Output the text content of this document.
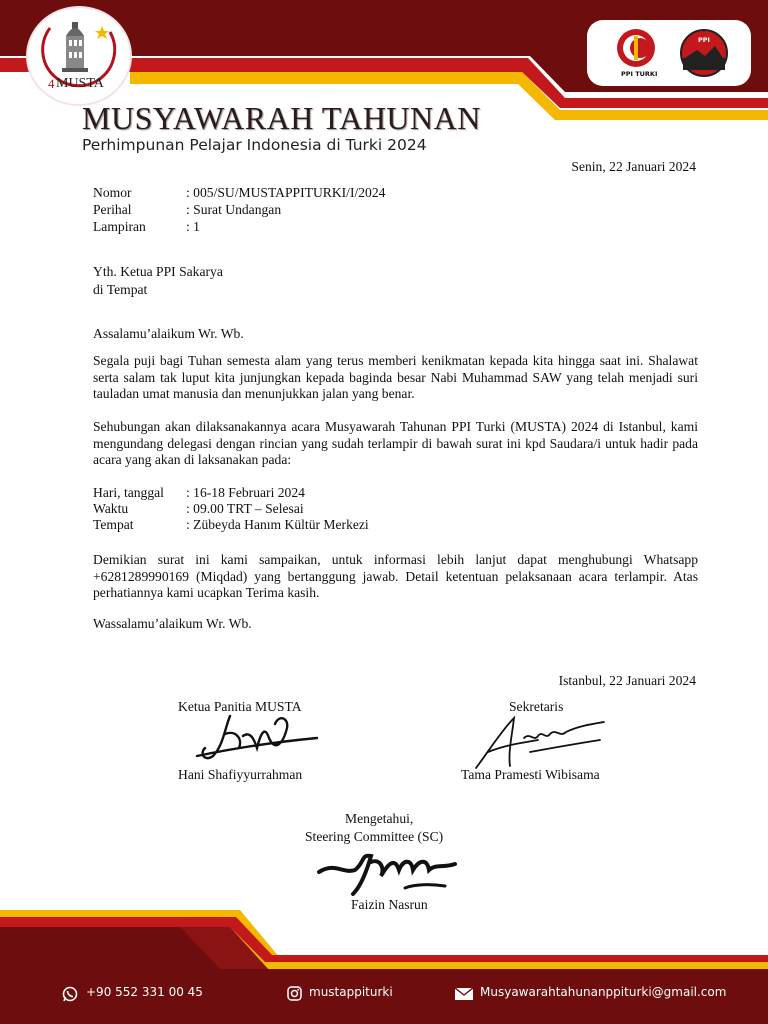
4 MUSTA
PPI TURKI
PPI
MUSYAWARAH TAHUNAN
Perhimpunan Pelajar Indonesia di Turki 2024
Senin, 22 Januari 2024
Nomor	: 005/SU/MUSTAPPITURKI/I/2024
Perihal	: Surat Undangan
Lampiran	: 1
Yth. Ketua PPI Sakarya
di Tempat
Assalamu’alaikum Wr. Wb.
Segala puji bagi Tuhan semesta alam yang terus memberi kenikmatan kepada kita hingga saat ini. Shalawat serta salam tak luput kita junjungkan kepada baginda besar Nabi Muhammad SAW yang telah menjadi suri tauladan umat manusia dan menunjukkan jalan yang benar.
Sehubungan akan dilaksanakannya acara Musyawarah Tahunan PPI Turki (MUSTA) 2024 di Istanbul, kami mengundang delegasi dengan rincian yang sudah terlampir di bawah surat ini kpd Saudara/i untuk hadir pada acara yang akan di laksanakan pada:
Hari, tanggal : 16-18 Februari 2024
Waktu	: 09.00 TRT – Selesai
Tempat	: Zübeyda Hanım Kültür Merkezi
Demikian surat ini kami sampaikan, untuk informasi lebih lanjut dapat menghubungi Whatsapp +6281289990169 (Miqdad) yang bertanggung jawab. Detail ketentuan pelaksanaan acara terlampir. Atas perhatiannya kami ucapkan Terima kasih.
Wassalamu’alaikum Wr. Wb.
Istanbul, 22 Januari 2024
Ketua Panitia MUSTA
Hani Shafiyyurrahman
Sekretaris
Tama Pramesti Wibisama
Mengetahui,
Steering Committee (SC)
Faizin Nasrun
+90 552 331 00 45	mustappiturki	Musyawarahtahunanppiturki@gmail.com
